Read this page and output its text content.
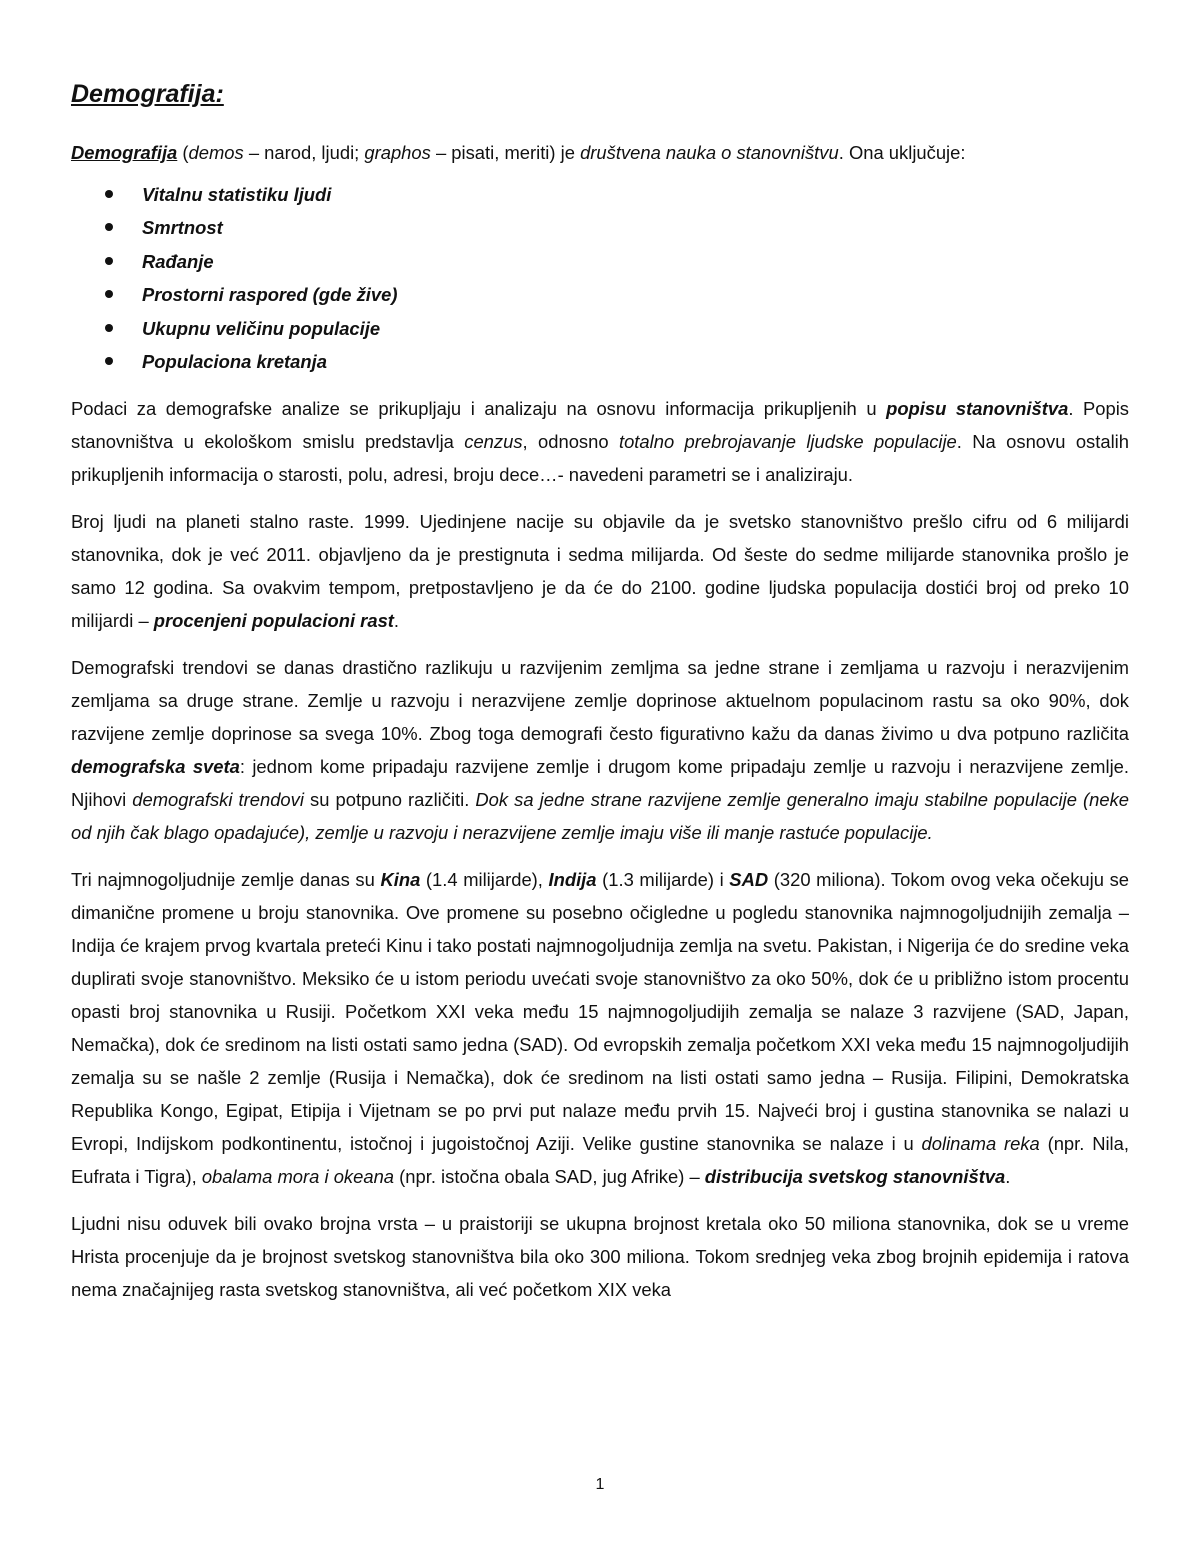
Demografija:

Demografija (demos – narod, ljudi; graphos – pisati, meriti) je društvena nauka o stanovništvu. Ona uključuje:

Vitalnu statistiku ljudi
Smrtnost
Rađanje
Prostorni raspored (gde žive)
Ukupnu veličinu populacije
Populaciona kretanja

Podaci za demografske analize se prikupljaju i analizaju na osnovu informacija prikupljenih u popisu stanovništva. Popis stanovništva u ekološkom smislu predstavlja cenzus, odnosno totalno prebrojavanje ljudske populacije. Na osnovu ostalih prikupljenih informacija o starosti, polu, adresi, broju dece…- navedeni parametri se i analiziraju.

Broj ljudi na planeti stalno raste. 1999. Ujedinjene nacije su objavile da je svetsko stanovništvo prešlo cifru od 6 milijardi stanovnika, dok je već 2011. objavljeno da je prestignuta i sedma milijarda. Od šeste do sedme milijarde stanovnika prošlo je samo 12 godina. Sa ovakvim tempom, pretpostavljeno je da će do 2100. godine ljudska populacija dostići broj od preko 10 milijardi – procenjeni populacioni rast.

Demografski trendovi se danas drastično razlikuju u razvijenim zemljma sa jedne strane i zemljama u razvoju i nerazvijenim zemljama sa druge strane. Zemlje u razvoju i nerazvijene zemlje doprinose aktuelnom populacinom rastu sa oko 90%, dok razvijene zemlje doprinose sa svega 10%. Zbog toga demografi često figurativno kažu da danas živimo u dva potpuno različita demografska sveta: jednom kome pripadaju razvijene zemlje i drugom kome pripadaju zemlje u razvoju i nerazvijene zemlje. Njihovi demografski trendovi su potpuno različiti. Dok sa jedne strane razvijene zemlje generalno imaju stabilne populacije (neke od njih čak blago opadajuće), zemlje u razvoju i nerazvijene zemlje imaju više ili manje rastuće populacije.

Tri najmnogoljudnije zemlje danas su Kina (1.4 milijarde), Indija (1.3 milijarde) i SAD (320 miliona). Tokom ovog veka očekuju se dimanične promene u broju stanovnika. Ove promene su posebno očigledne u pogledu stanovnika najmnogoljudnijih zemalja – Indija će krajem prvog kvartala preteći Kinu i tako postati najmnogoljudnija zemlja na svetu. Pakistan, i Nigerija će do sredine veka duplirati svoje stanovništvo. Meksiko će u istom periodu uvećati svoje stanovništvo za oko 50%, dok će u približno istom procentu opasti broj stanovnika u Rusiji. Početkom XXI veka među 15 najmnogoljudijih zemalja se nalaze 3 razvijene (SAD, Japan, Nemačka), dok će sredinom na listi ostati samo jedna (SAD). Od evropskih zemalja početkom XXI veka među 15 najmnogoljudijih zemalja su se našle 2 zemlje (Rusija i Nemačka), dok će sredinom na listi ostati samo jedna – Rusija. Filipini, Demokratska Republika Kongo, Egipat, Etipija i Vijetnam se po prvi put nalaze među prvih 15. Najveći broj i gustina stanovnika se nalazi u Evropi, Indijskom podkontinentu, istočnoj i jugoistočnoj Aziji. Velike gustine stanovnika se nalaze i u dolinama reka (npr. Nila, Eufrata i Tigra), obalama mora i okeana (npr. istočna obala SAD, jug Afrike) – distribucija svetskog stanovništva.

Ljudni nisu oduvek bili ovako brojna vrsta – u praistoriji se ukupna brojnost kretala oko 50 miliona stanovnika, dok se u vreme Hrista procenjuje da je brojnost svetskog stanovništva bila oko 300 miliona. Tokom srednjeg veka zbog brojnih epidemija i ratova nema značajnijeg rasta svetskog stanovništva, ali već početkom XIX veka

1
